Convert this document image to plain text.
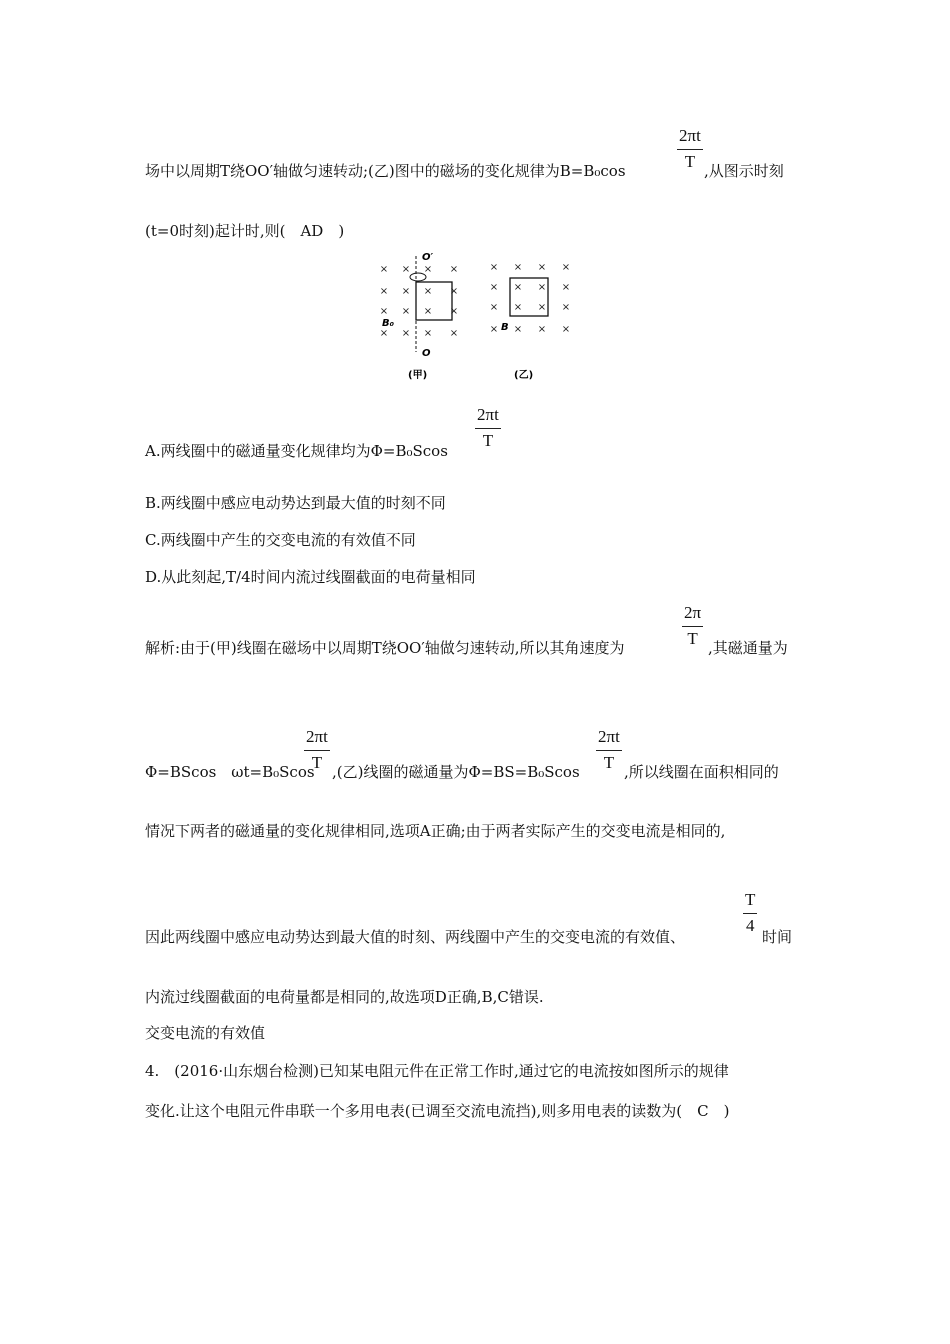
场中以周期T绕OO′轴做匀速转动;(乙)图中的磁场的变化规律为B=B₀cos	$\frac{2\pi t}{T}$ ,从图示时刻
(t=0时刻)起计时,则(　AD　)
× × × ×
× × × ×
× × × ×
× × × ×
× × × ×
× × × ×
× × × ×
× × × ×
O′
O
B₀	B
(甲)	(乙)
A.两线圈中的磁通量变化规律均为$\Phi=B_0Scos \frac{2\pi t}{T}$
B.两线圈中感应电动势达到最大值的时刻不同
C.两线圈中产生的交变电流的有效值不同
D.从此刻起,T/4时间内流过线圈截面的电荷量相同
解析:由于(甲)线圈在磁场中以周期T绕OO′轴做匀速转动,所以其角速度为	$\frac{2\pi}{T}$ ,其磁通量为
Φ=BScos　ωt=B₀Scos
$\frac{2\pi t}{T}$ ,(乙)线圈的磁通量为$\Phi=BS=B_0Scos \frac{2\pi t}{T}$ ,所以线圈在面积相同的
情况下两者的磁通量的变化规律相同,选项A正确;由于两者实际产生的交变电流是相同的,
因此两线圈中感应电动势达到最大值的时刻、两线圈中产生的交变电流的有效值、
$\frac{T}{4}$
时间
内流过线圈截面的电荷量都是相同的,故选项D正确,B,C错误.
交变电流的有效值
4.　(2016·山东烟台检测)已知某电阻元件在正常工作时,通过它的电流按如图所示的规律
变化.让这个电阻元件串联一个多用电表(已调至交流电流挡),则多用电表的读数为(　C　)
